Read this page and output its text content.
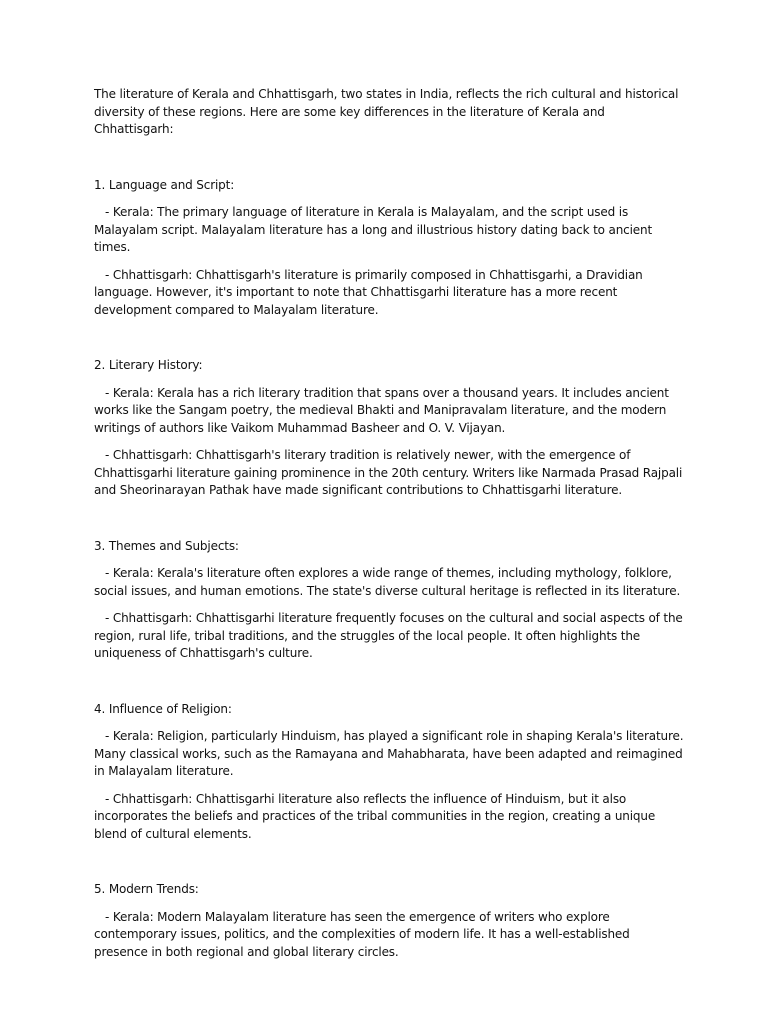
The literature of Kerala and Chhattisgarh, two states in India, reflects the rich cultural and historical diversity of these regions. Here are some key differences in the literature of Kerala and Chhattisgarh:

1. Language and Script:

- Kerala: The primary language of literature in Kerala is Malayalam, and the script used is Malayalam script. Malayalam literature has a long and illustrious history dating back to ancient times.

- Chhattisgarh: Chhattisgarh's literature is primarily composed in Chhattisgarhi, a Dravidian language. However, it's important to note that Chhattisgarhi literature has a more recent development compared to Malayalam literature.

2. Literary History:

- Kerala: Kerala has a rich literary tradition that spans over a thousand years. It includes ancient works like the Sangam poetry, the medieval Bhakti and Manipravalam literature, and the modern writings of authors like Vaikom Muhammad Basheer and O. V. Vijayan.

- Chhattisgarh: Chhattisgarh's literary tradition is relatively newer, with the emergence of Chhattisgarhi literature gaining prominence in the 20th century. Writers like Narmada Prasad Rajpali and Sheorinarayan Pathak have made significant contributions to Chhattisgarhi literature.

3. Themes and Subjects:

- Kerala: Kerala's literature often explores a wide range of themes, including mythology, folklore, social issues, and human emotions. The state's diverse cultural heritage is reflected in its literature.

- Chhattisgarh: Chhattisgarhi literature frequently focuses on the cultural and social aspects of the region, rural life, tribal traditions, and the struggles of the local people. It often highlights the uniqueness of Chhattisgarh's culture.

4. Influence of Religion:

- Kerala: Religion, particularly Hinduism, has played a significant role in shaping Kerala's literature. Many classical works, such as the Ramayana and Mahabharata, have been adapted and reimagined in Malayalam literature.

- Chhattisgarh: Chhattisgarhi literature also reflects the influence of Hinduism, but it also incorporates the beliefs and practices of the tribal communities in the region, creating a unique blend of cultural elements.

5. Modern Trends:

- Kerala: Modern Malayalam literature has seen the emergence of writers who explore contemporary issues, politics, and the complexities of modern life. It has a well-established presence in both regional and global literary circles.
